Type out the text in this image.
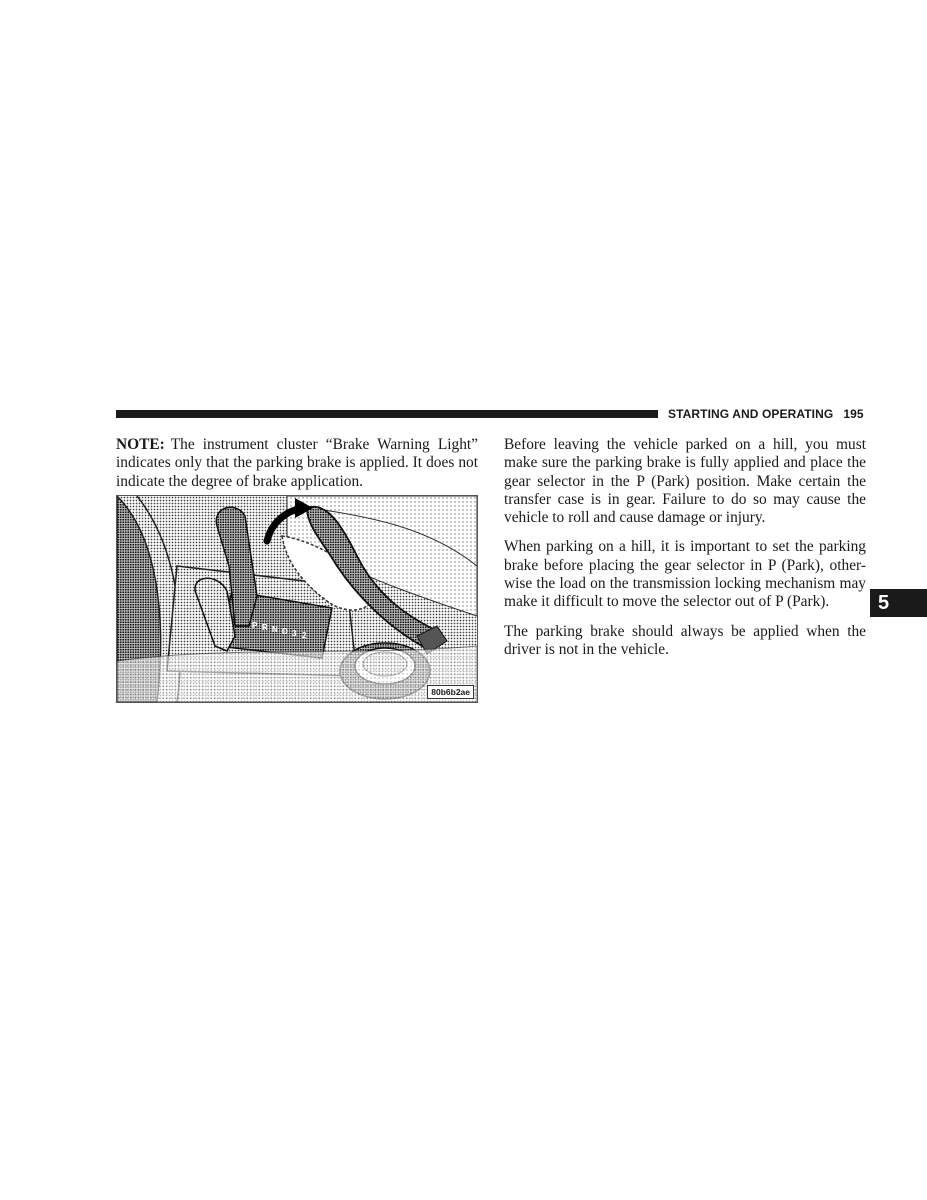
STARTING AND OPERATING 195

NOTE: The instrument cluster “Brake Warning Light” indicates only that the parking brake is applied. It does not indicate the degree of brake application.

P R N D 3 2
80b6b2ae

Before leaving the vehicle parked on a hill, you must make sure the parking brake is fully applied and place the gear selector in the P (Park) position. Make certain the transfer case is in gear. Failure to do so may cause the vehicle to roll and cause damage or injury.

When parking on a hill, it is important to set the parking brake before placing the gear selector in P (Park), other-wise the load on the transmission locking mechanism may make it difficult to move the selector out of P (Park).

The parking brake should always be applied when the driver is not in the vehicle.

5
